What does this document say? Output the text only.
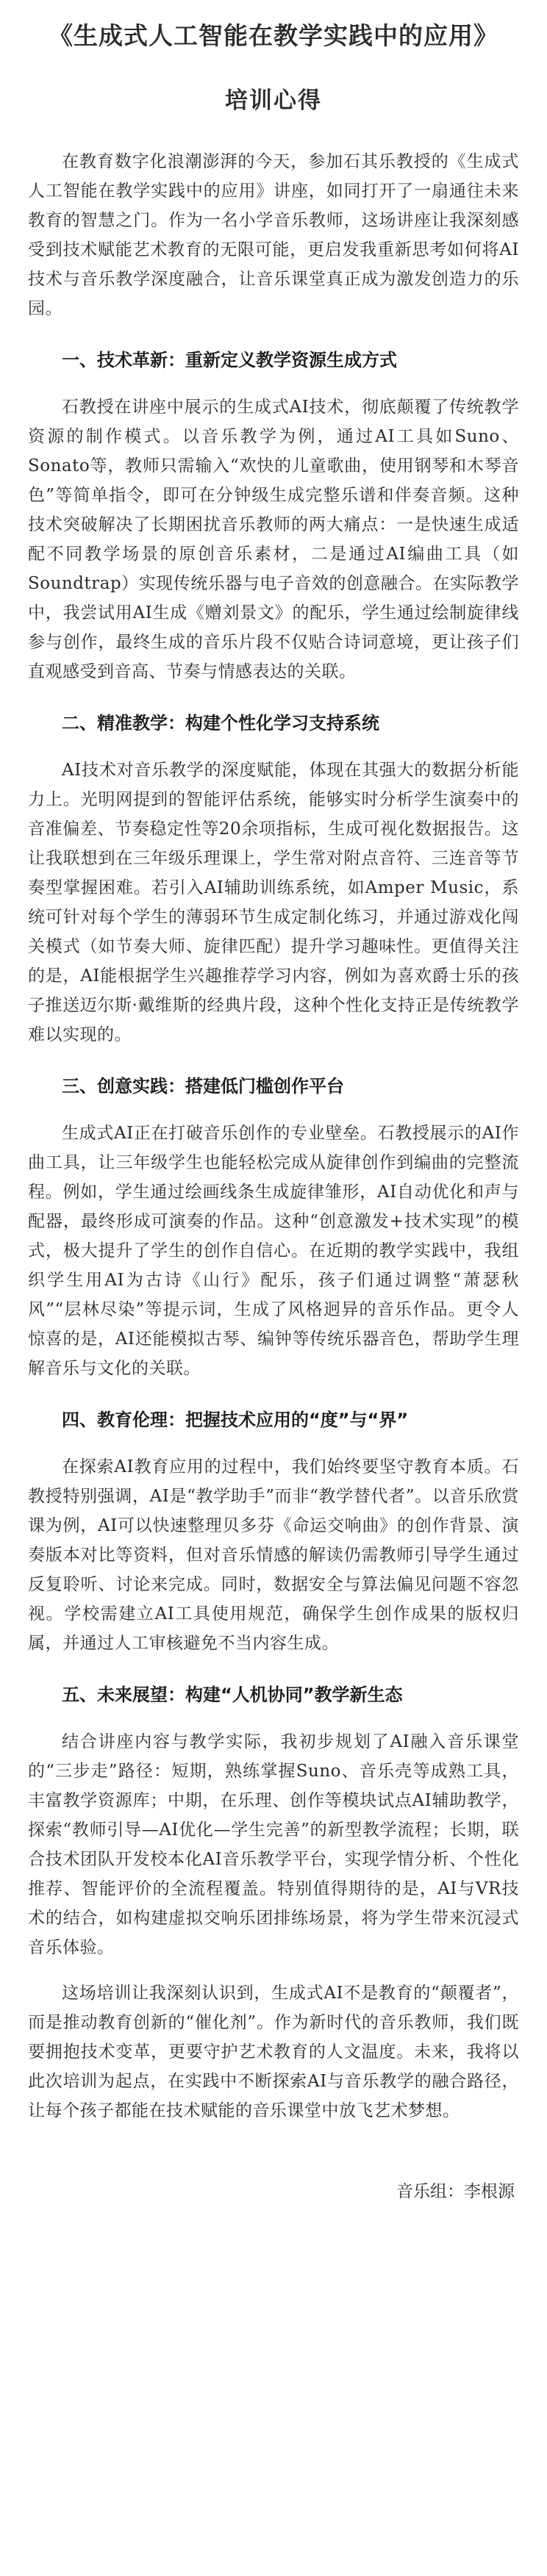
《生成式人工智能在教学实践中的应用》
培训心得

在教育数字化浪潮澎湃的今天，参加石其乐教授的《生成式人工智能在教学实践中的应用》讲座，如同打开了一扇通往未来教育的智慧之门。作为一名小学音乐教师，这场讲座让我深刻感受到技术赋能艺术教育的无限可能，更启发我重新思考如何将AI技术与音乐教学深度融合，让音乐课堂真正成为激发创造力的乐园。

一、技术革新：重新定义教学资源生成方式

石教授在讲座中展示的生成式AI技术，彻底颠覆了传统教学资源的制作模式。以音乐教学为例，通过AI工具如Suno、Sonato等，教师只需输入“欢快的儿童歌曲，使用钢琴和木琴音色”等简单指令，即可在分钟级生成完整乐谱和伴奏音频。这种技术突破解决了长期困扰音乐教师的两大痛点：一是快速生成适配不同教学场景的原创音乐素材，二是通过AI编曲工具（如Soundtrap）实现传统乐器与电子音效的创意融合。在实际教学中，我尝试用AI生成《赠刘景文》的配乐，学生通过绘制旋律线参与创作，最终生成的音乐片段不仅贴合诗词意境，更让孩子们直观感受到音高、节奏与情感表达的关联。

二、精准教学：构建个性化学习支持系统

AI技术对音乐教学的深度赋能，体现在其强大的数据分析能力上。光明网提到的智能评估系统，能够实时分析学生演奏中的音准偏差、节奏稳定性等20余项指标，生成可视化数据报告。这让我联想到在三年级乐理课上，学生常对附点音符、三连音等节奏型掌握困难。若引入AI辅助训练系统，如Amper Music，系统可针对每个学生的薄弱环节生成定制化练习，并通过游戏化闯关模式（如节奏大师、旋律匹配）提升学习趣味性。更值得关注的是，AI能根据学生兴趣推荐学习内容，例如为喜欢爵士乐的孩子推送迈尔斯·戴维斯的经典片段，这种个性化支持正是传统教学难以实现的。

三、创意实践：搭建低门槛创作平台

生成式AI正在打破音乐创作的专业壁垒。石教授展示的AI作曲工具，让三年级学生也能轻松完成从旋律创作到编曲的完整流程。例如，学生通过绘画线条生成旋律雏形，AI自动优化和声与配器，最终形成可演奏的作品。这种“创意激发+技术实现”的模式，极大提升了学生的创作自信心。在近期的教学实践中，我组织学生用AI为古诗《山行》配乐，孩子们通过调整“萧瑟秋风”“层林尽染”等提示词，生成了风格迥异的音乐作品。更令人惊喜的是，AI还能模拟古琴、编钟等传统乐器音色，帮助学生理解音乐与文化的关联。

四、教育伦理：把握技术应用的“度”与“界”

在探索AI教育应用的过程中，我们始终要坚守教育本质。石教授特别强调，AI是“教学助手”而非“教学替代者”。以音乐欣赏课为例，AI可以快速整理贝多芬《命运交响曲》的创作背景、演奏版本对比等资料，但对音乐情感的解读仍需教师引导学生通过反复聆听、讨论来完成。同时，数据安全与算法偏见问题不容忽视。学校需建立AI工具使用规范，确保学生创作成果的版权归属，并通过人工审核避免不当内容生成。

五、未来展望：构建“人机协同”教学新生态

结合讲座内容与教学实际，我初步规划了AI融入音乐课堂的“三步走”路径：短期，熟练掌握Suno、音乐壳等成熟工具，丰富教学资源库；中期，在乐理、创作等模块试点AI辅助教学，探索“教师引导—AI优化—学生完善”的新型教学流程；长期，联合技术团队开发校本化AI音乐教学平台，实现学情分析、个性化推荐、智能评价的全流程覆盖。特别值得期待的是，AI与VR技术的结合，如构建虚拟交响乐团排练场景，将为学生带来沉浸式音乐体验。

这场培训让我深刻认识到，生成式AI不是教育的“颠覆者”，而是推动教育创新的“催化剂”。作为新时代的音乐教师，我们既要拥抱技术变革，更要守护艺术教育的人文温度。未来，我将以此次培训为起点，在实践中不断探索AI与音乐教学的融合路径，让每个孩子都能在技术赋能的音乐课堂中放飞艺术梦想。

音乐组：李根源
